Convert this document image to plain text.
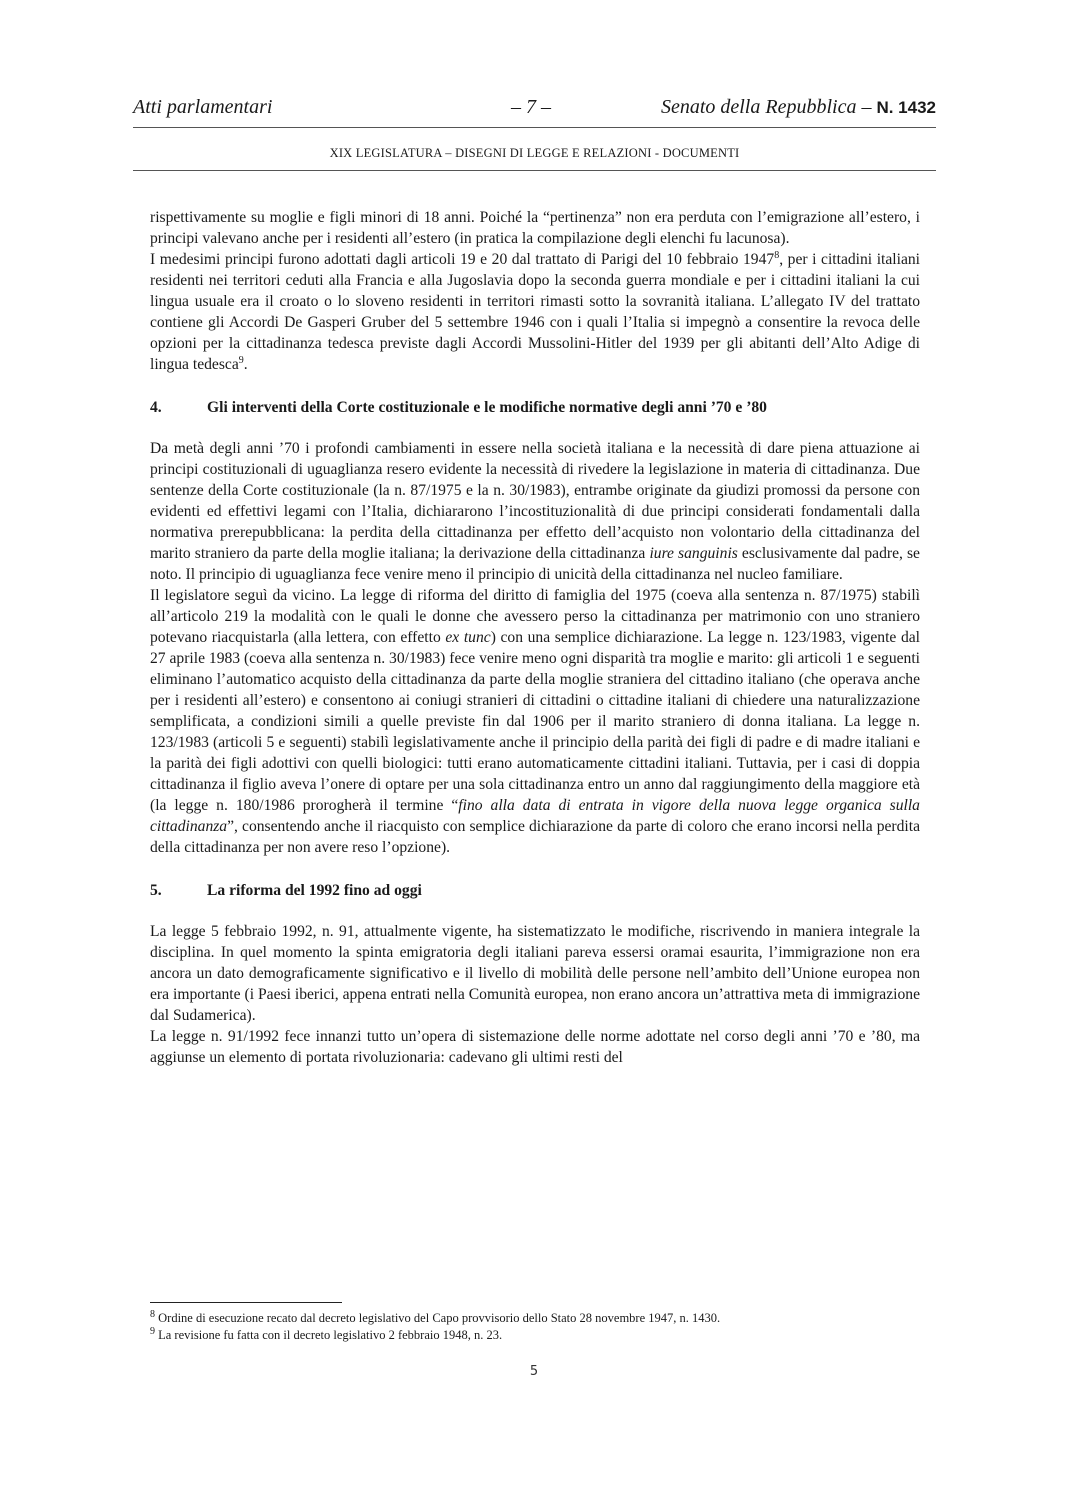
Atti parlamentari	– 7 –	Senato della Repubblica – N. 1432
XIX LEGISLATURA – DISEGNI DI LEGGE E RELAZIONI - DOCUMENTI

rispettivamente su moglie e figli minori di 18 anni. Poiché la “pertinenza” non era perduta con l’emigrazione all’estero, i principi valevano anche per i residenti all’estero (in pratica la compilazione degli elenchi fu lacunosa).

I medesimi principi furono adottati dagli articoli 19 e 20 dal trattato di Parigi del 10 febbraio 1947$^8$, per i cittadini italiani residenti nei territori ceduti alla Francia e alla Jugoslavia dopo la seconda guerra mondiale e per i cittadini italiani la cui lingua usuale era il croato o lo sloveno residenti in territori rimasti sotto la sovranità italiana. L’allegato IV del trattato contiene gli Accordi De Gasperi Gruber del 5 settembre 1946 con i quali l’Italia si impegnò a consentire la revoca delle opzioni per la cittadinanza tedesca previste dagli Accordi Mussolini-Hitler del 1939 per gli abitanti dell’Alto Adige di lingua tedesca$^9$.

4.	Gli interventi della Corte costituzionale e le modifiche normative degli anni ’70 e ’80

Da metà degli anni ’70 i profondi cambiamenti in essere nella società italiana e la necessità di dare piena attuazione ai principi costituzionali di uguaglianza resero evidente la necessità di rivedere la legislazione in materia di cittadinanza. Due sentenze della Corte costituzionale (la n. 87/1975 e la n. 30/1983), entrambe originate da giudizi promossi da persone con evidenti ed effettivi legami con l’Italia, dichiararono l’incostituzionalità di due principi considerati fondamentali dalla normativa prerepubblicana: la perdita della cittadinanza per effetto dell’acquisto non volontario della cittadinanza del marito straniero da parte della moglie italiana; la derivazione della cittadinanza iure sanguinis esclusivamente dal padre, se noto. Il principio di uguaglianza fece venire meno il principio di unicità della cittadinanza nel nucleo familiare.

Il legislatore seguì da vicino. La legge di riforma del diritto di famiglia del 1975 (coeva alla sentenza n. 87/1975) stabilì all’articolo 219 la modalità con le quali le donne che avessero perso la cittadinanza per matrimonio con uno straniero potevano riacquistarla (alla lettera, con effetto ex tunc) con una semplice dichiarazione. La legge n. 123/1983, vigente dal 27 aprile 1983 (coeva alla sentenza n. 30/1983) fece venire meno ogni disparità tra moglie e marito: gli articoli 1 e seguenti eliminano l’automatico acquisto della cittadinanza da parte della moglie straniera del cittadino italiano (che operava anche per i residenti all’estero) e consentono ai coniugi stranieri di cittadini o cittadine italiani di chiedere una naturalizzazione semplificata, a condizioni simili a quelle previste fin dal 1906 per il marito straniero di donna italiana. La legge n. 123/1983 (articoli 5 e seguenti) stabilì legislativamente anche il principio della parità dei figli di padre e di madre italiani e la parità dei figli adottivi con quelli biologici: tutti erano automaticamente cittadini italiani. Tuttavia, per i casi di doppia cittadinanza il figlio aveva l’onere di optare per una sola cittadinanza entro un anno dal raggiungimento della maggiore età (la legge n. 180/1986 prorogherà il termine “fino alla data di entrata in vigore della nuova legge organica sulla cittadinanza”, consentendo anche il riacquisto con semplice dichiarazione da parte di coloro che erano incorsi nella perdita della cittadinanza per non avere reso l’opzione).

5.	La riforma del 1992 fino ad oggi

La legge 5 febbraio 1992, n. 91, attualmente vigente, ha sistematizzato le modifiche, riscrivendo in maniera integrale la disciplina. In quel momento la spinta emigratoria degli italiani pareva essersi oramai esaurita, l’immigrazione non era ancora un dato demograficamente significativo e il livello di mobilità delle persone nell’ambito dell’Unione europea non era importante (i Paesi iberici, appena entrati nella Comunità europea, non erano ancora un’attrattiva meta di immigrazione dal Sudamerica).

La legge n. 91/1992 fece innanzi tutto un’opera di sistemazione delle norme adottate nel corso degli anni ’70 e ’80, ma aggiunse un elemento di portata rivoluzionaria: cadevano gli ultimi resti del

$^8$ Ordine di esecuzione recato dal decreto legislativo del Capo provvisorio dello Stato 28 novembre 1947, n. 1430.

$^9$ La revisione fu fatta con il decreto legislativo 2 febbraio 1948, n. 23.

5
